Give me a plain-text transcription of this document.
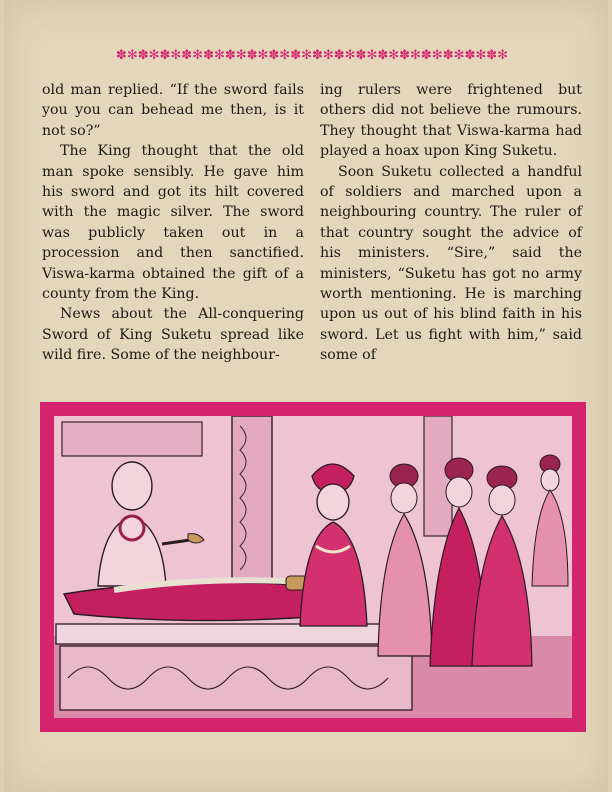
✽✻✽✻✽✻✽✻✽✻✽✻✽✻✽✻✽✻✽✻✽✻✽✻✽✻✽✻✽✻✽✻✽✻✽✻

old man replied. “If the sword fails you you can behead me then, is it not so?”

The King thought that the old man spoke sensibly. He gave him his sword and got its hilt covered with the magic silver. The sword was publicly taken out in a procession and then sanctified. Viswa-karma obtained the gift of a county from the King.

News about the All-conquering Sword of King Suketu spread like wild fire. Some of the neighbour-

ing rulers were frightened but others did not believe the rumours. They thought that Viswa-karma had played a hoax upon King Suketu.

Soon Suketu collected a handful of soldiers and marched upon a neighbouring country. The ruler of that country sought the advice of his ministers. “Sire,” said the ministers, “Suketu has got no army worth mentioning. He is marching upon us out of his blind faith in his sword. Let us fight with him,” said some of
